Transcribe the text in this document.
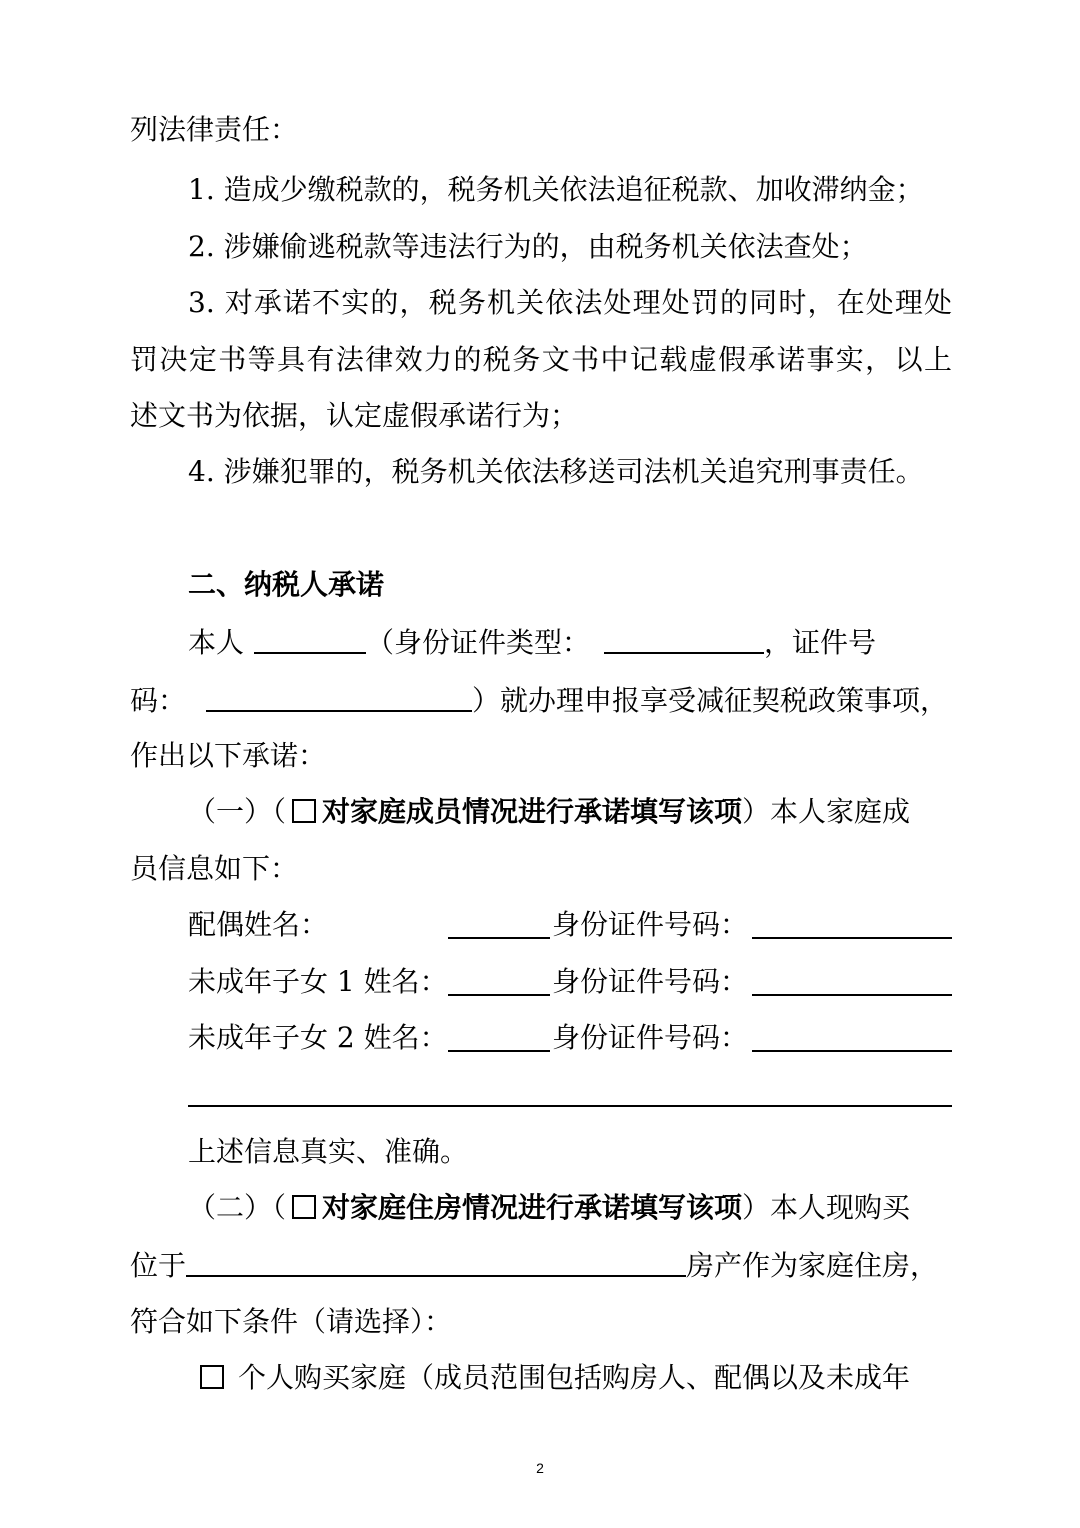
列法律责任：
1. 造成少缴税款的，税务机关依法追征税款、加收滞纳金；
2. 涉嫌偷逃税款等违法行为的，由税务机关依法查处；
3. 对承诺不实的，税务机关依法处理处罚的同时，在处理处
罚决定书等具有法律效力的税务文书中记载虚假承诺事实，以上
述文书为依据，认定虚假承诺行为；
4. 涉嫌犯罪的，税务机关依法移送司法机关追究刑事责任。
二、纳税人承诺
本人	（身份证件类型：	，证件号
码：	）就办理申报享受减征契税政策事项，
作出以下承诺：
（一）（ 对家庭成员情况进行承诺填写该项）本人家庭成
员信息如下：
配偶姓名：	身份证件号码：
未成年子女 1 姓名：	身份证件号码：
未成年子女 2 姓名：	身份证件号码：
上述信息真实、准确。
（二）（ 对家庭住房情况进行承诺填写该项）本人现购买
位于	房产作为家庭住房，
符合如下条件（请选择）：
个人购买家庭（成员范围包括购房人、配偶以及未成年
2
